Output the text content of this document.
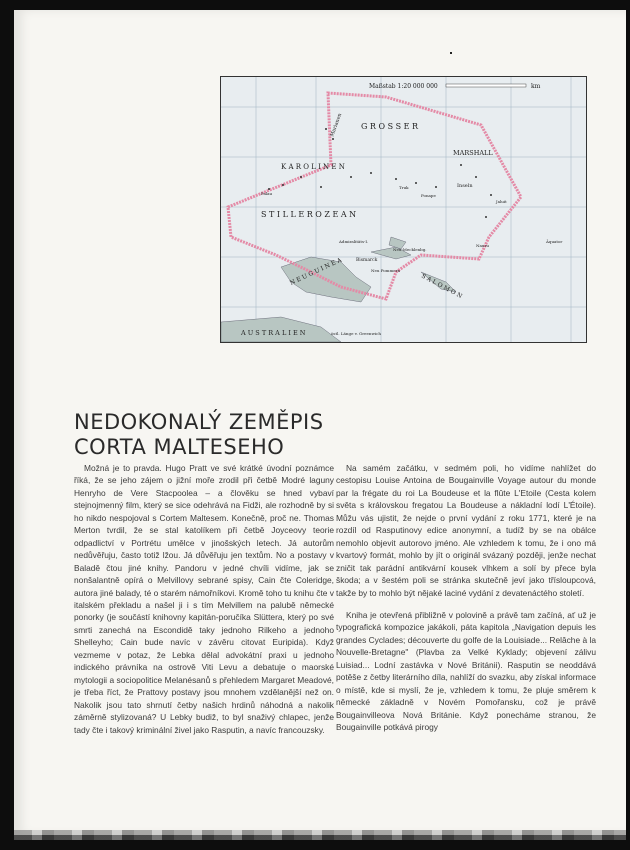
Maßstab 1:20 000 000	km
G R O S S E R
Marianen
K A R O L I N E N
MARSHALL
Inseln
S T I L L E R O Z E A N
Palau
Truk
Ponape
Jaluit
Nauru
Admiralitäts-I.
Neu-Mecklenbg.
Bismarck
Neu Pommern
N E U G U I N E A	S A L O M O N
A U S T R A L I E N	östl. Länge v. Greenwich
Äquator
NEDOKONALÝ ZEMĚPIS
CORTA MALTESEHO

Možná je to pravda. Hugo Pratt ve své krátké úvodní poznámce říká, že se jeho zájem o jižní moře zrodil při četbě Modré laguny Henryho de Vere Stacpoolea – a člověku se hned vybaví stejnojmenný film, který se sice odehrává na Fidži, ale rozhodně by si ho nikdo nespojoval s Cortem Maltesem. Konečně, proč ne. Thomas Merton tvrdil, že se stal katolíkem při četbě Joyceovy teorie odpadlictví v Portrétu umělce v jinošských letech. Já autorům nedůvěřuju, často totiž lžou. Já důvěřuju jen textům. No a postavy v Baladě čtou jiné knihy. Pandoru v jedné chvíli vidíme, jak se nonšalantně opírá o Melvillovy sebrané spisy, Cain čte Coleridge, autora jiné balady, té o starém námořníkovi. Kromě toho tu knihu čte v italském překladu a našel ji i s tím Melvillem na palubě německé ponorky (je součástí knihovny kapitán-poručíka Slüttera, který po své smrti zanechá na Escondidě taky jednoho Rilkeho a jednoho Shelleyho; Cain bude navíc v závěru citovat Euripida). Když vezmeme v potaz, že Lebka dělal advokátní praxi u jednoho indického právníka na ostrově Viti Levu a debatuje o maorské mytologii a sociopolitice Melanésanů s přehledem Margaret Meadové, je třeba říct, že Prattovy postavy jsou mnohem vzdělanější než on. Nakolik jsou tato shrnutí četby našich hrdinů náhodná a nakolik záměrně stylizovaná? U Lebky budiž, to byl snaživý chlapec, jenže tady čte i takový kriminální živel jako Rasputin, a navíc francouzsky.

Na samém začátku, v sedmém poli, ho vidíme nahlížet do cestopisu Louise Antoina de Bougainville Voyage autour du monde par la frégate du roi La Boudeuse et la flûte L'Etoile (Cesta kolem světa s královskou fregatou La Boudeuse a nákladní lodí L'Étoile). Můžu vás ujistit, že nejde o první vydání z roku 1771, které je na rozdíl od Rasputinovy edice anonymní, a tudíž by se na obálce nemohlo objevit autorovo jméno. Ale vzhledem k tomu, že i ono má kvartový formát, mohlo by jít o originál svázaný později, jenže nechat zničit tak parádní antikvární kousek vlhkem a solí by přece byla škoda; a v šestém poli se stránka skutečně jeví jako třísloupcová, takže by to mohlo být nějaké laciné vydání z devatenáctého století.

Kniha je otevřená přibližně v polovině a právě tam začíná, ať už je typografická kompozice jakákoli, páta kapitola „Navigation depuis les grandes Cyclades; découverte du golfe de la Louisiade... Relâche à la Nouvelle-Bretagne" (Plavba za Velké Kyklady; objevení zálivu Luisiad... Lodní zastávka v Nové Británii). Rasputin se neoddává potěše z četby literárního díla, nahlíží do svazku, aby získal informace o místě, kde si myslí, že je, vzhledem k tomu, že pluje směrem k německé základně v Novém Pomořansku, což je právě Bougainvilleova Nová Británie. Když ponecháme stranou, že Bougainville potkává pirogy
